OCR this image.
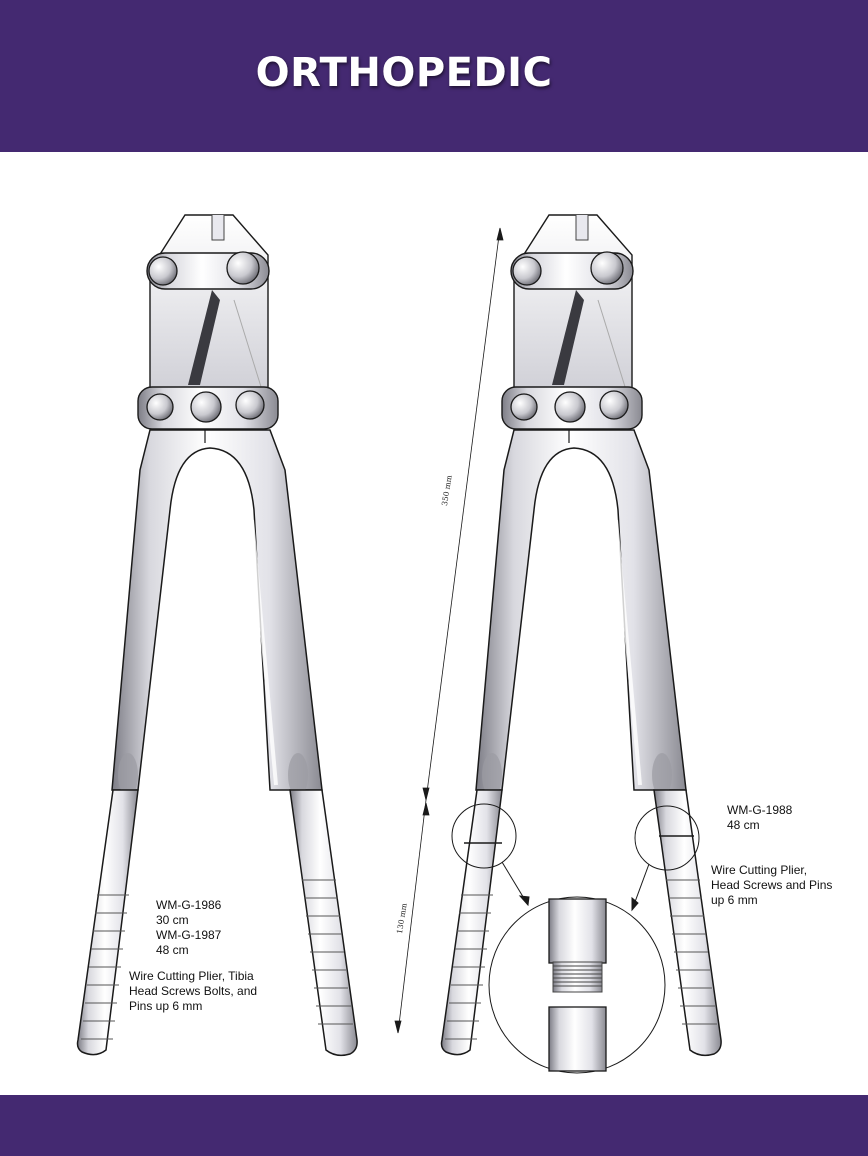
ORTHOPEDIC
350 mm
130 mm
WM-G-1986
30 cm
WM-G-1987
48 cm
Wire Cutting Plier, Tibia
Head Screws Bolts, and
Pins up 6 mm
WM-G-1988
48 cm
Wire Cutting Plier,
Head Screws and Pins
up 6 mm
